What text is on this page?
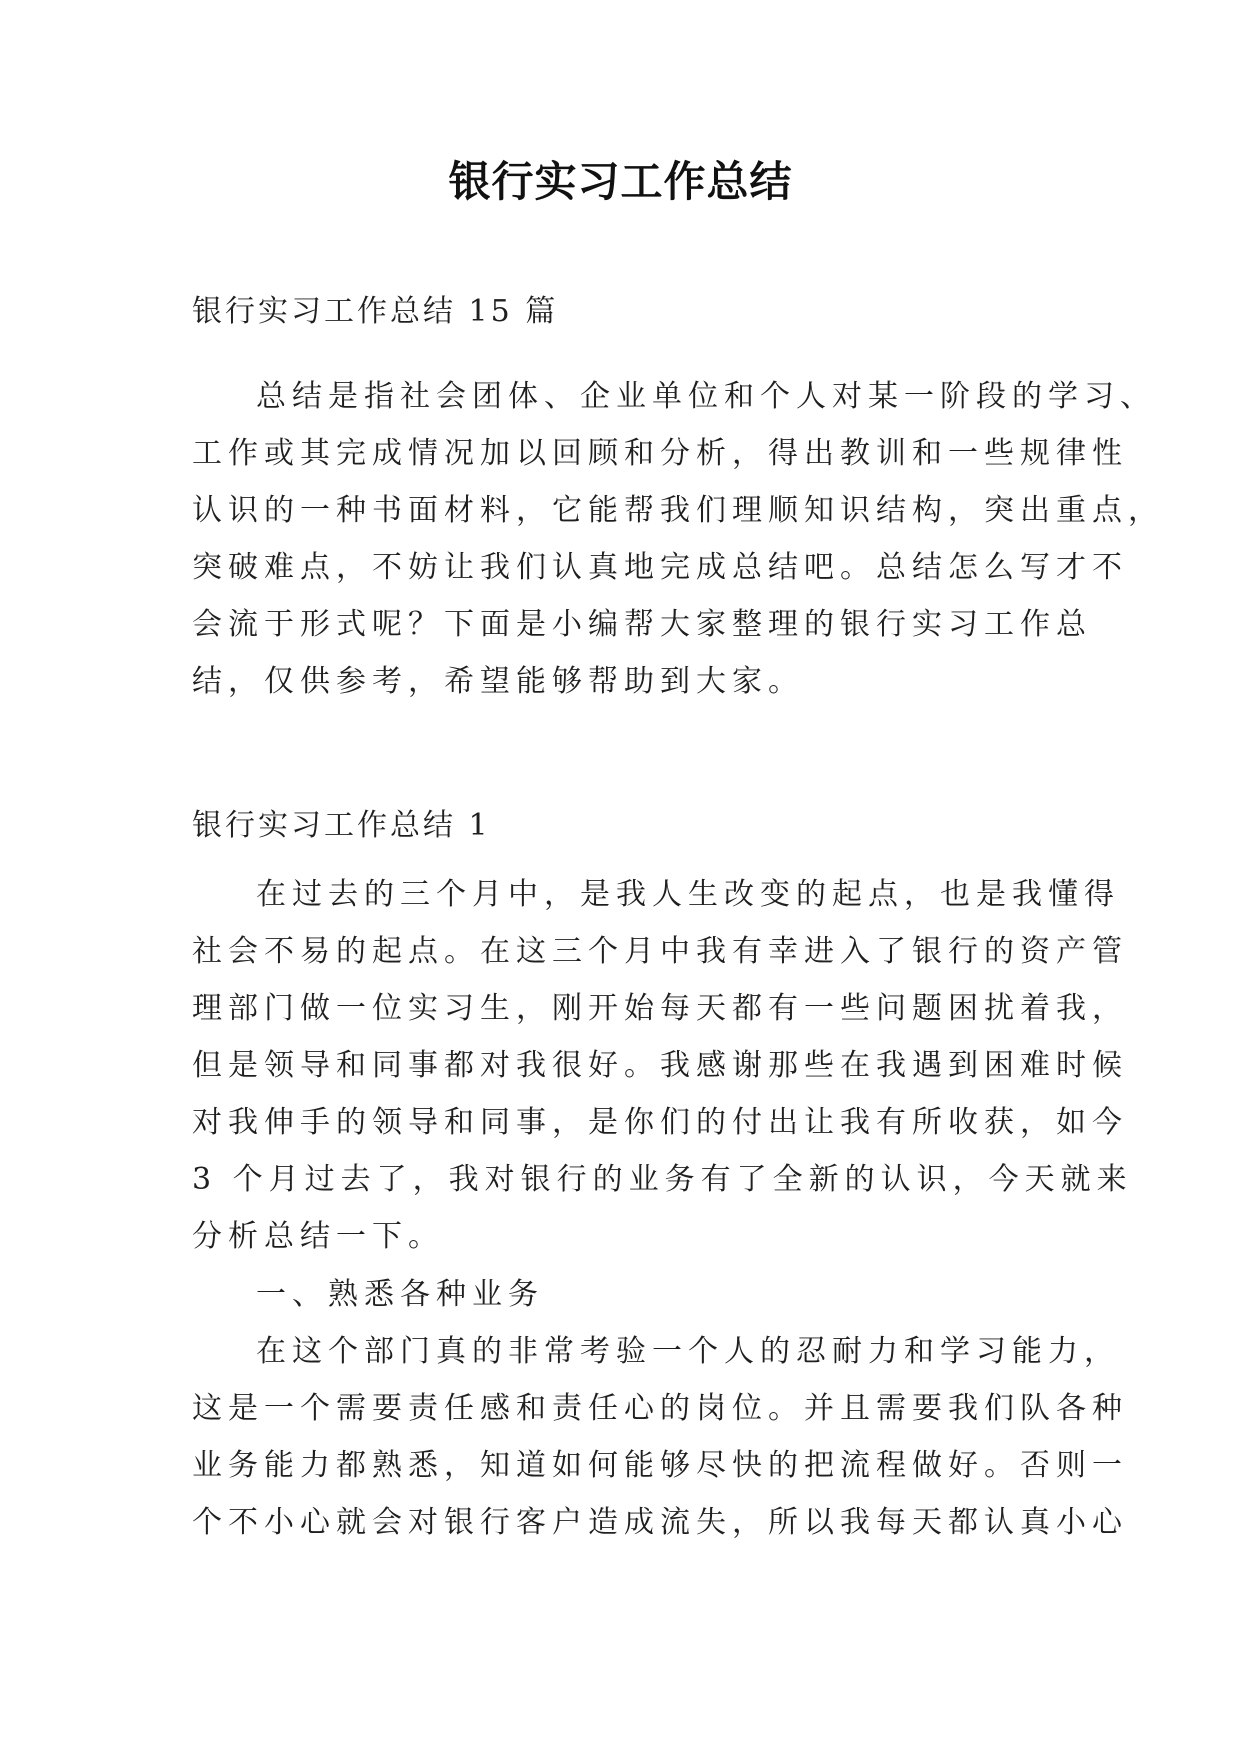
银行实习工作总结
银行实习工作总结 15 篇
总结是指社会团体、企业单位和个人对某一阶段的学习、
工作或其完成情况加以回顾和分析，得出教训和一些规律性
认识的一种书面材料，它能帮我们理顺知识结构，突出重点，
突破难点，不妨让我们认真地完成总结吧。总结怎么写才不
会流于形式呢？下面是小编帮大家整理的银行实习工作总
结，仅供参考，希望能够帮助到大家。
银行实习工作总结 1
在过去的三个月中，是我人生改变的起点，也是我懂得
社会不易的起点。在这三个月中我有幸进入了银行的资产管
理部门做一位实习生，刚开始每天都有一些问题困扰着我，
但是领导和同事都对我很好。我感谢那些在我遇到困难时候
对我伸手的领导和同事，是你们的付出让我有所收获，如今
3 个月过去了，我对银行的业务有了全新的认识，今天就来
分析总结一下。
一、熟悉各种业务
在这个部门真的非常考验一个人的忍耐力和学习能力，
这是一个需要责任感和责任心的岗位。并且需要我们队各种
业务能力都熟悉，知道如何能够尽快的把流程做好。否则一
个不小心就会对银行客户造成流失，所以我每天都认真小心
